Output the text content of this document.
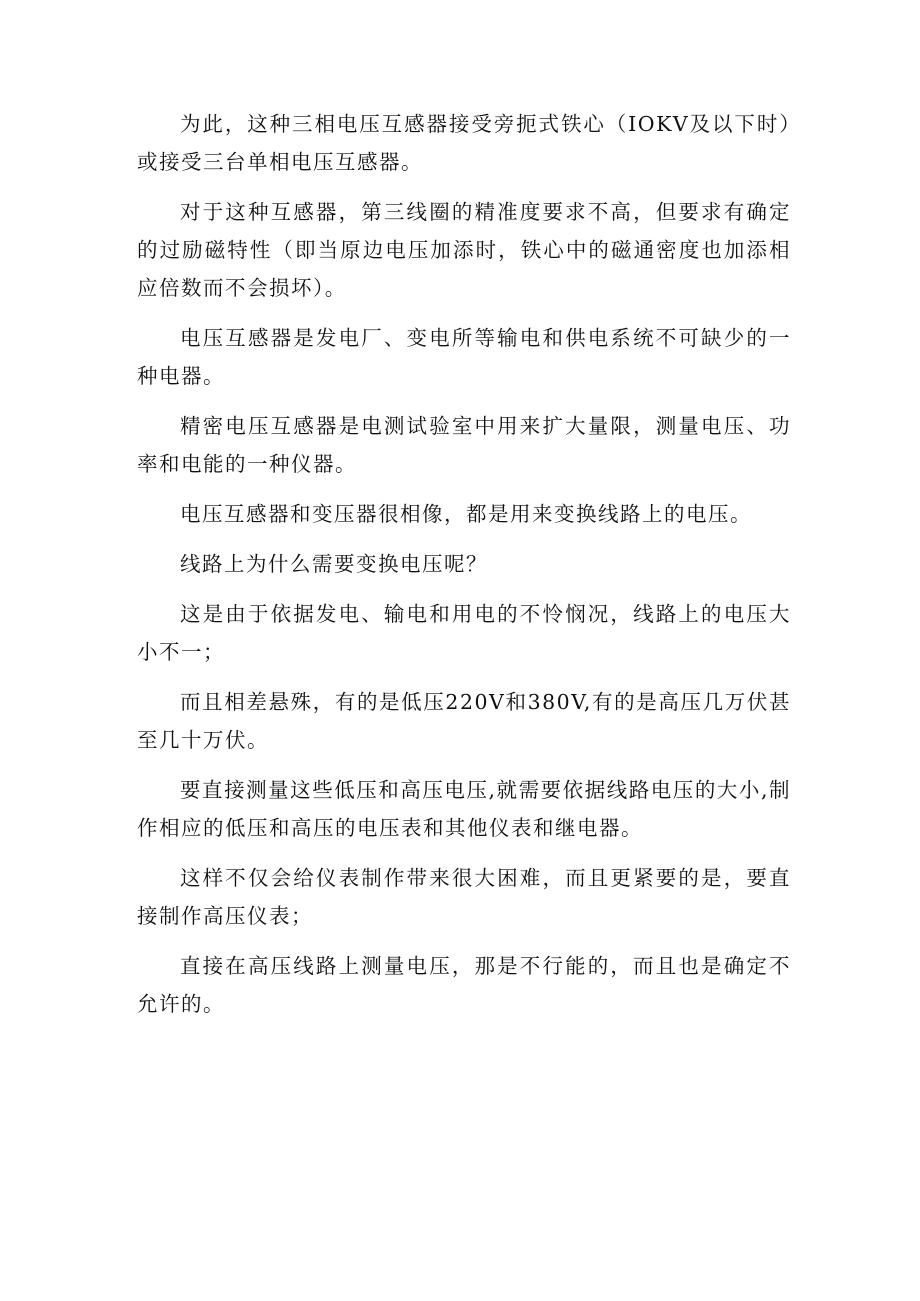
为此，这种三相电压互感器接受旁扼式铁心（IOKV及以下时）或接受三台单相电压互感器。

对于这种互感器，第三线圈的精准度要求不高，但要求有确定的过励磁特性（即当原边电压加添时，铁心中的磁通密度也加添相应倍数而不会损坏）。

电压互感器是发电厂、变电所等输电和供电系统不可缺少的一种电器。

精密电压互感器是电测试验室中用来扩大量限，测量电压、功率和电能的一种仪器。

电压互感器和变压器很相像，都是用来变换线路上的电压。

线路上为什么需要变换电压呢？

这是由于依据发电、输电和用电的不怜悯况，线路上的电压大小不一；

而且相差悬殊，有的是低压220V和380V,有的是高压几万伏甚至几十万伏。

要直接测量这些低压和高压电压,就需要依据线路电压的大小,制作相应的低压和高压的电压表和其他仪表和继电器。

这样不仅会给仪表制作带来很大困难，而且更紧要的是，要直接制作高压仪表；

直接在高压线路上测量电压，那是不行能的，而且也是确定不允许的。
